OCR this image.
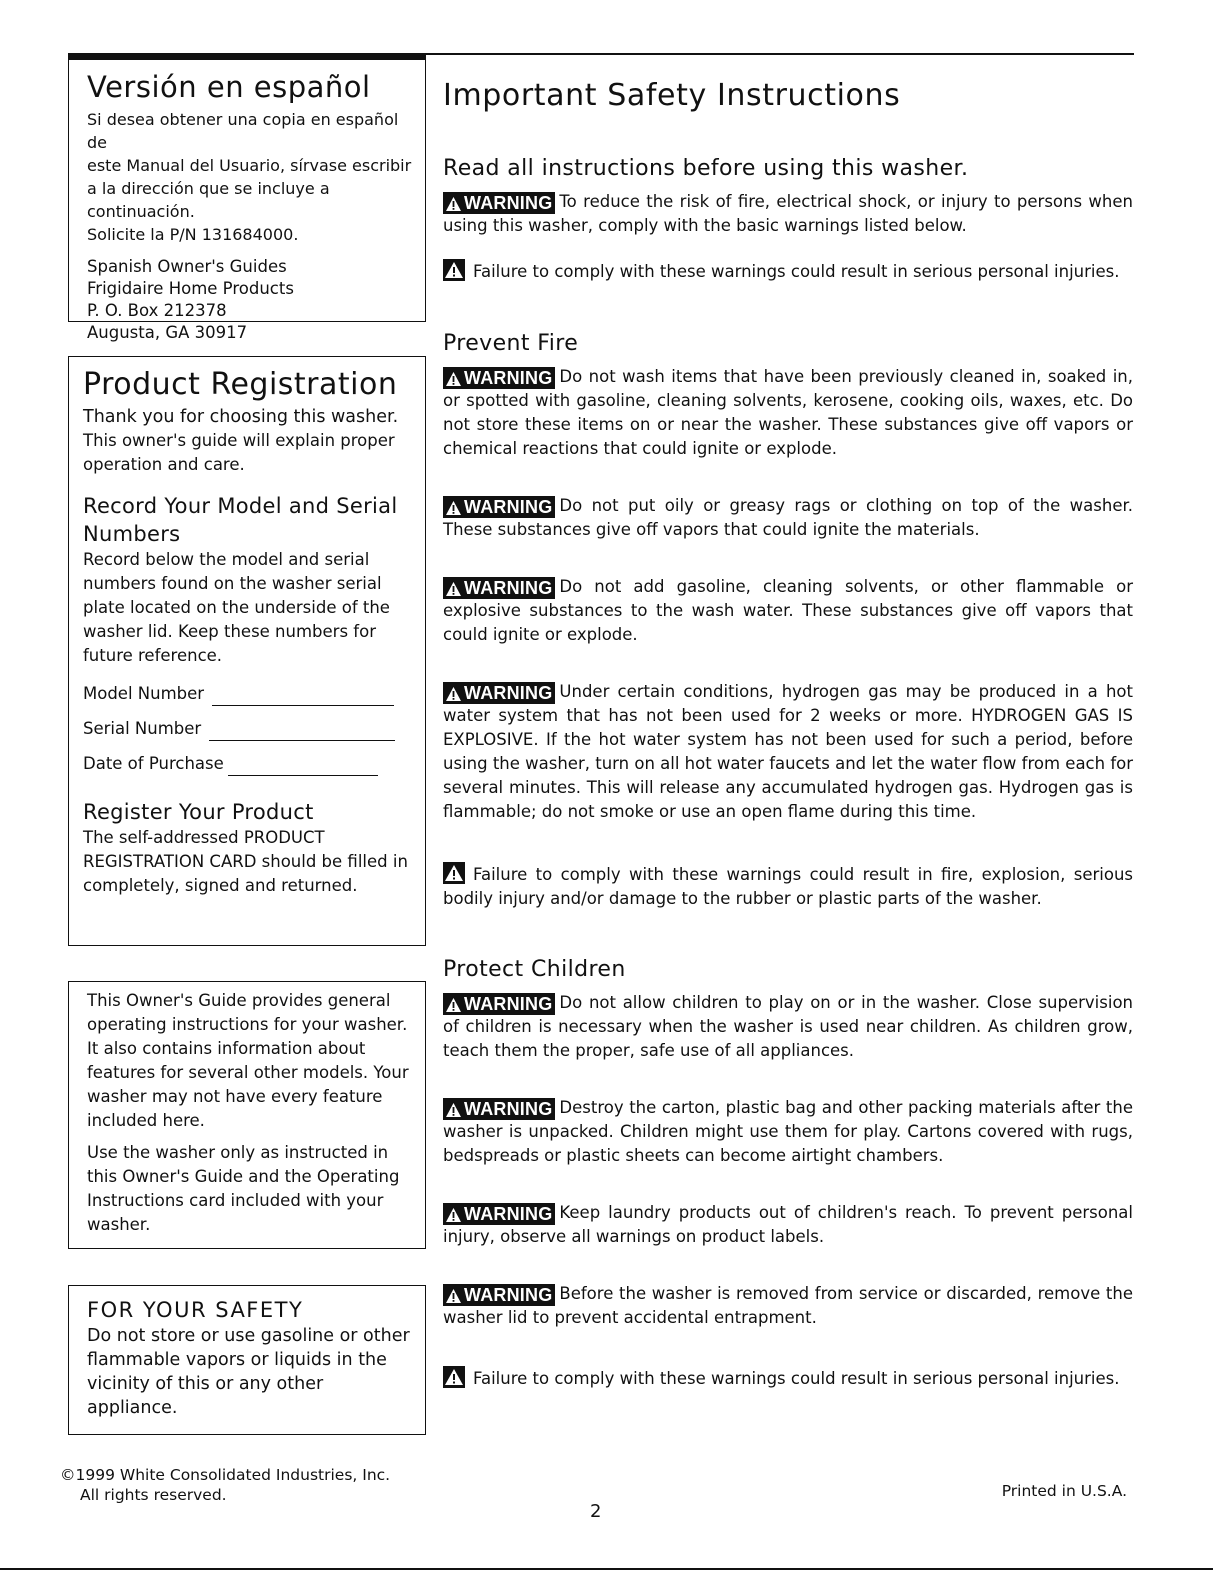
Versión en español

Si desea obtener una copia en español de

este Manual del Usuario, sírvase escribir

a la dirección que se incluye a continuación.

Solicite la P/N 131684000.

Spanish Owner's Guides

Frigidaire Home Products

P. O. Box 212378

Augusta, GA 30917

Product Registration

Thank you for choosing this washer. This owner's guide will explain proper operation and care.

Record Your Model and Serial Numbers

Record below the model and serial numbers found on the washer serial plate located on the underside of the washer lid. Keep these numbers for future reference.

Model Number

Serial Number

Date of Purchase

Register Your Product

The self-addressed PRODUCT REGISTRATION CARD should be filled in completely, signed and returned.

This Owner's Guide provides general operating instructions for your washer. It also contains information about features for several other models. Your washer may not have every feature included here.

Use the washer only as instructed in this Owner's Guide and the Operating Instructions card included with your washer.

FOR YOUR SAFETY

Do not store or use gasoline or other flammable vapors or liquids in the vicinity of this or any other appliance.

Important Safety Instructions
Read all instructions before using this washer.
WARNING To reduce the risk of fire, electrical shock, or injury to persons when using this washer, comply with the basic warnings listed below.
Failure to comply with these warnings could result in serious personal injuries.
Prevent Fire
WARNING Do not wash items that have been previously cleaned in, soaked in, or spotted with gasoline, cleaning solvents, kerosene, cooking oils, waxes, etc. Do not store these items on or near the washer. These substances give off vapors or chemical reactions that could ignite or explode.
WARNING Do not put oily or greasy rags or clothing on top of the washer. These substances give off vapors that could ignite the materials.
WARNING Do not add gasoline, cleaning solvents, or other flammable or explosive substances to the wash water. These substances give off vapors that could ignite or explode.
WARNING Under certain conditions, hydrogen gas may be produced in a hot water system that has not been used for 2 weeks or more. HYDROGEN GAS IS EXPLOSIVE. If the hot water system has not been used for such a period, before using the washer, turn on all hot water faucets and let the water flow from each for several minutes. This will release any accumulated hydrogen gas. Hydrogen gas is flammable; do not smoke or use an open flame during this time.
Failure to comply with these warnings could result in fire, explosion, serious bodily injury and/or damage to the rubber or plastic parts of the washer.
Protect Children
WARNING Do not allow children to play on or in the washer. Close supervision of children is necessary when the washer is used near children. As children grow, teach them the proper, safe use of all appliances.
WARNING Destroy the carton, plastic bag and other packing materials after the washer is unpacked. Children might use them for play. Cartons covered with rugs, bedspreads or plastic sheets can become airtight chambers.
WARNING Keep laundry products out of children's reach. To prevent personal injury, observe all warnings on product labels.
WARNING Before the washer is removed from service or discarded, remove the washer lid to prevent accidental entrapment.
Failure to comply with these warnings could result in serious personal injuries.
©1999 White Consolidated Industries, Inc.
All rights reserved.
2
Printed in U.S.A.
